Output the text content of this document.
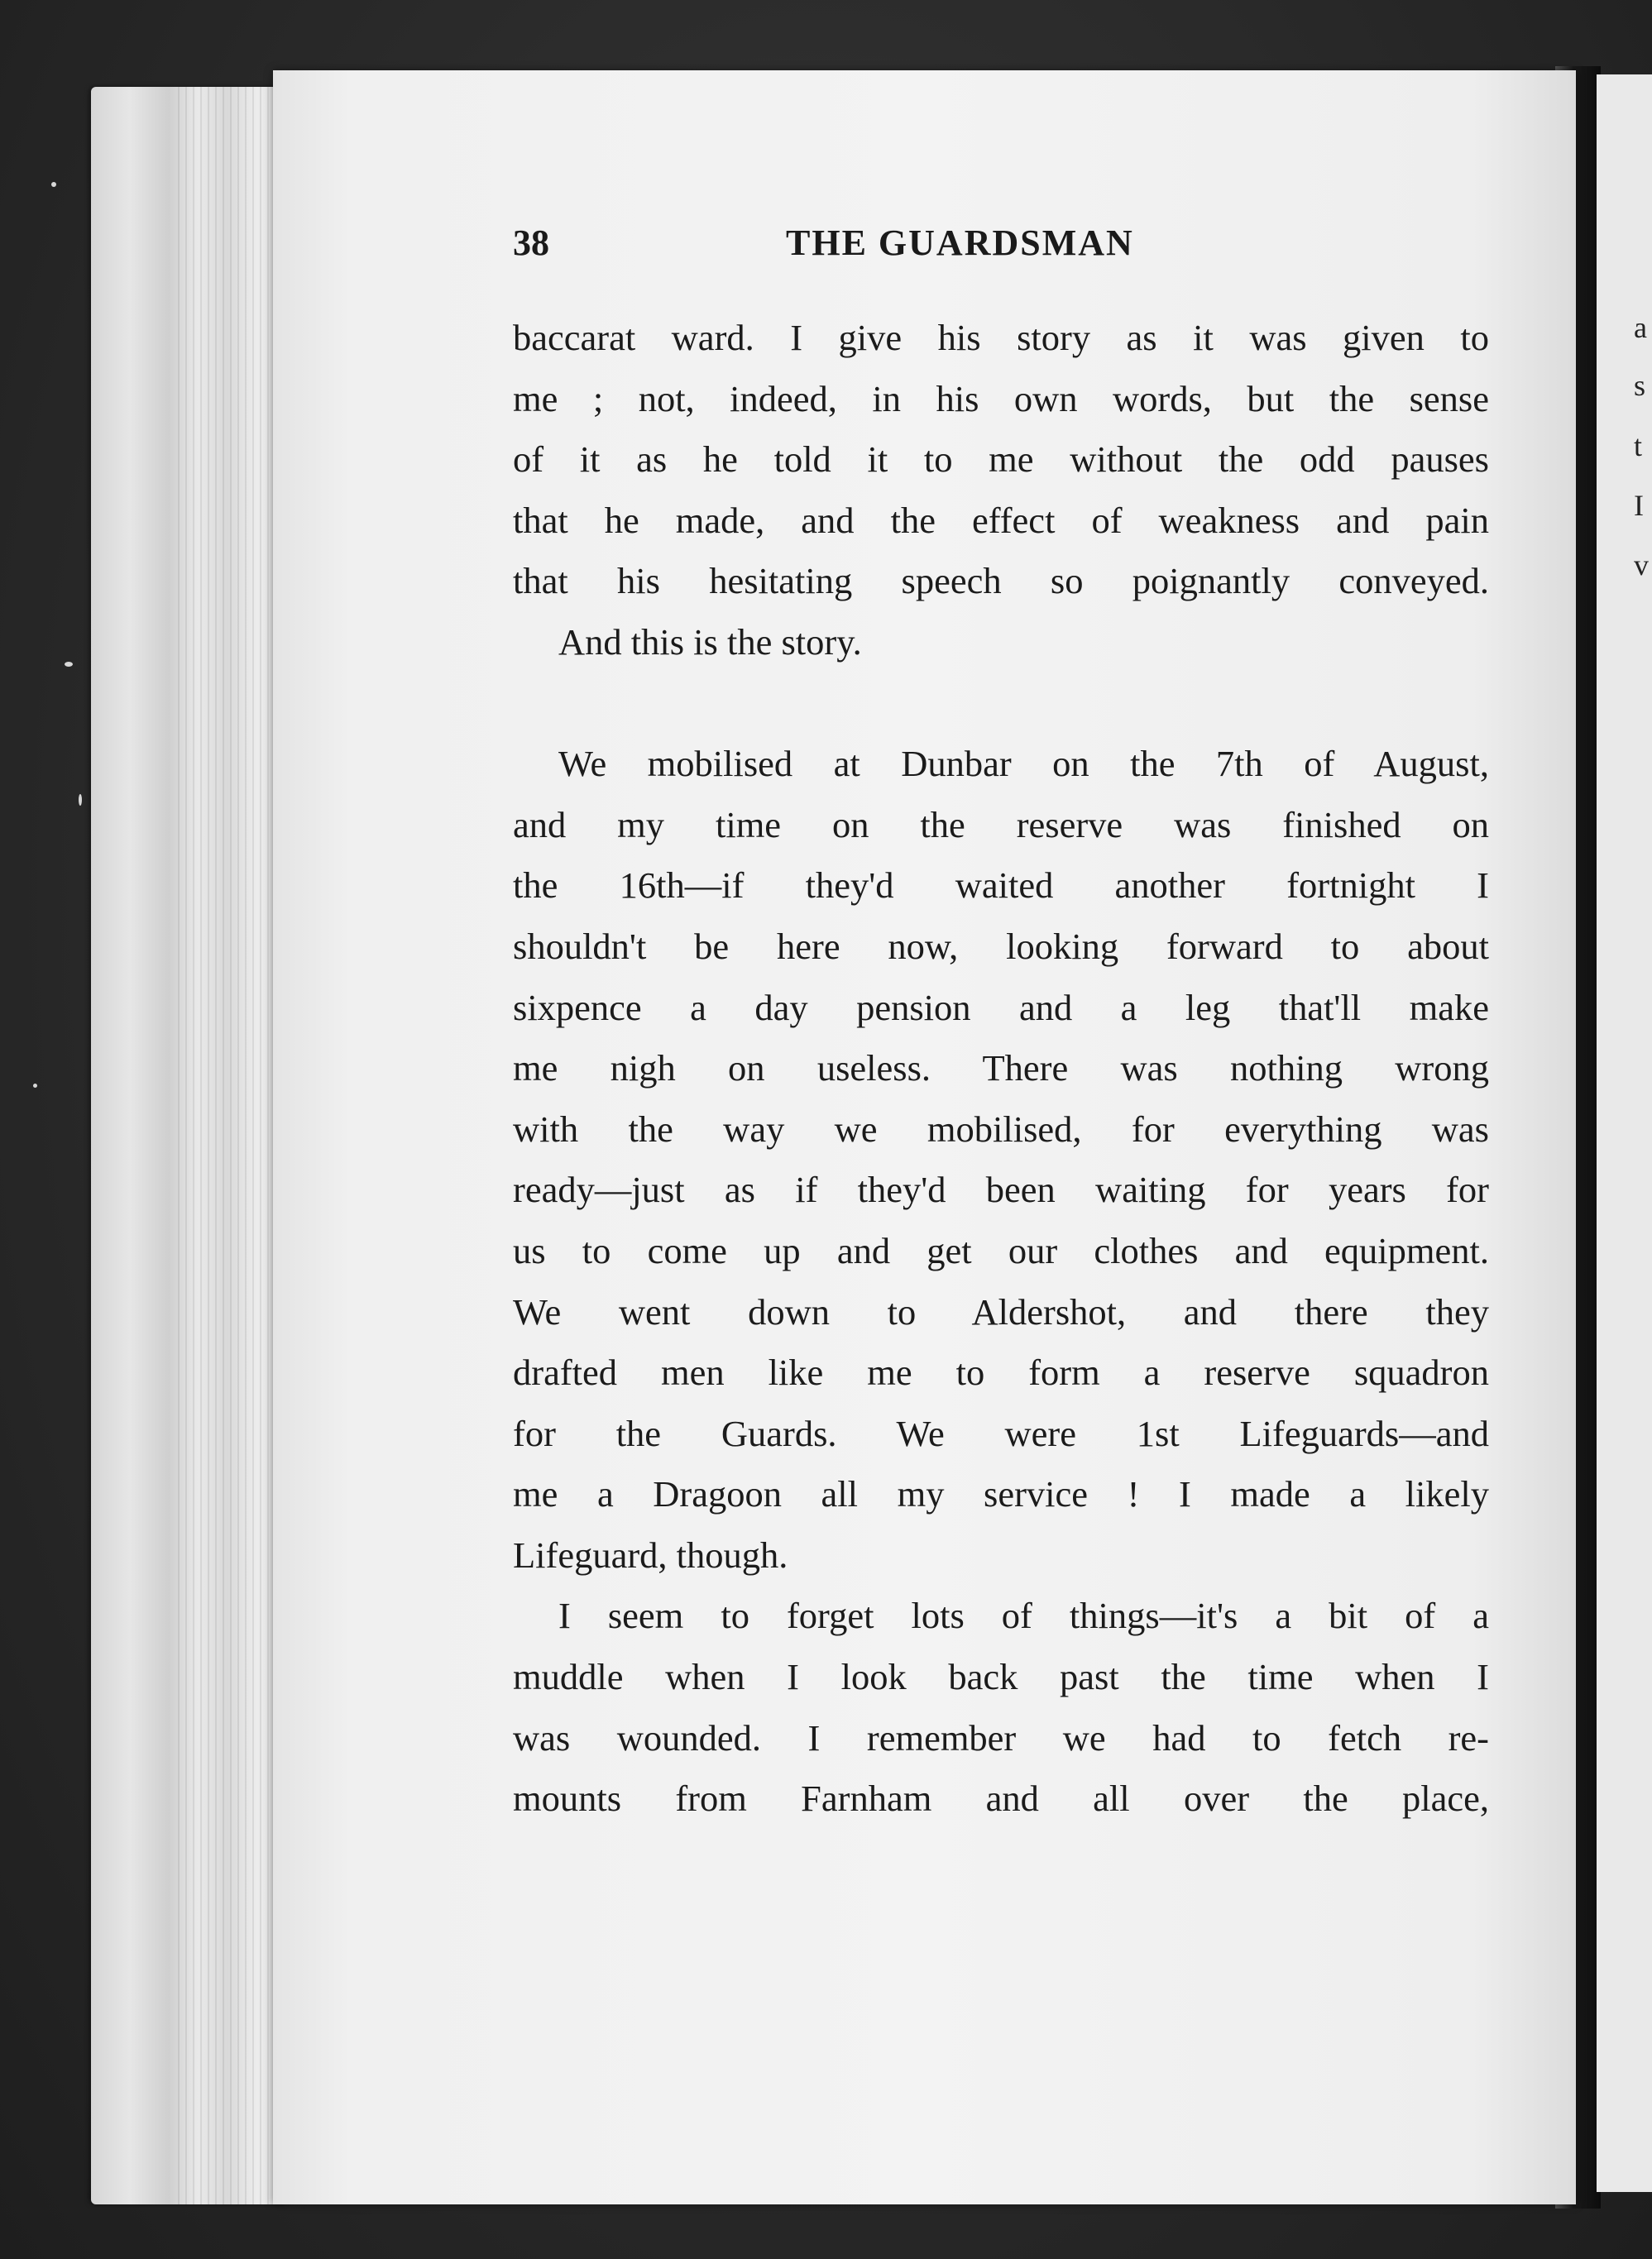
a
s
t
I
v
38	THE GUARDSMAN
baccarat ward. I give his story as it was given to
me ; not, indeed, in his own words, but the sense
of it as he told it to me without the odd pauses
that he made, and the effect of weakness and pain
that his hesitating speech so poignantly conveyed.
And this is the story.
We mobilised at Dunbar on the 7th of August,
and my time on the reserve was finished on
the 16th—if they'd waited another fortnight I
shouldn't be here now, looking forward to about
sixpence a day pension and a leg that'll make
me nigh on useless. There was nothing wrong
with the way we mobilised, for everything was
ready—just as if they'd been waiting for years for
us to come up and get our clothes and equipment.
We went down to Aldershot, and there they
drafted men like me to form a reserve squadron
for the Guards. We were 1st Lifeguards—and
me a Dragoon all my service ! I made a likely
Lifeguard, though.
I seem to forget lots of things—it's a bit of a
muddle when I look back past the time when I
was wounded. I remember we had to fetch re-
mounts from Farnham and all over the place,
